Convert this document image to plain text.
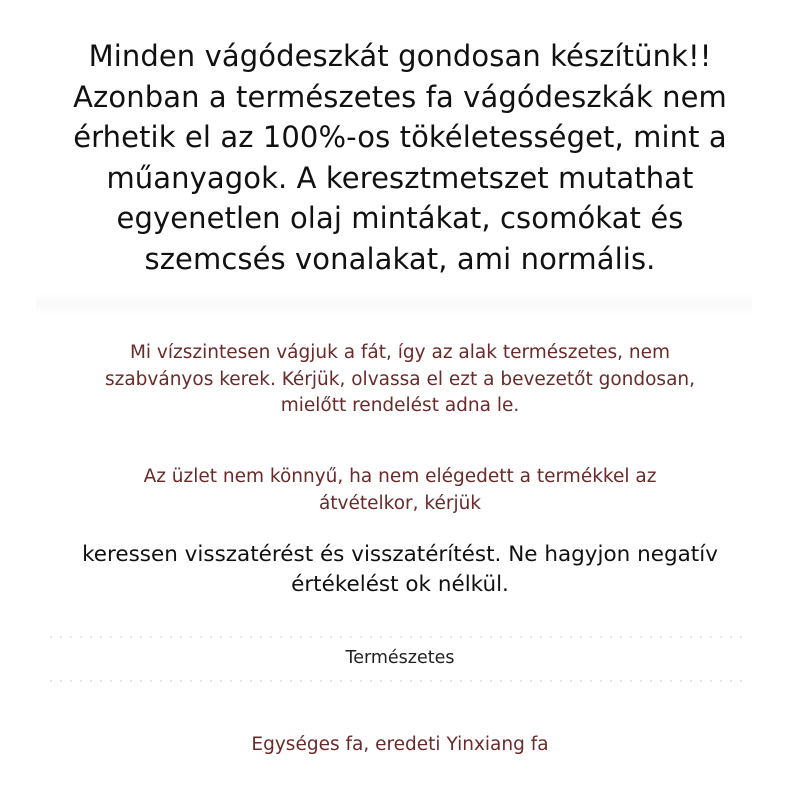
Minden vágódeszkát gondosan készítünk!!
Azonban a természetes fa vágódeszkák nem
érhetik el az 100%-os tökéletességet, mint a
műanyagok. A keresztmetszet mutathat
egyenetlen olaj mintákat, csomókat és
szemcsés vonalakat, ami normális.

Mi vízszintesen vágjuk a fát, így az alak természetes, nem
szabványos kerek. Kérjük, olvassa el ezt a bevezetőt gondosan,
mielőtt rendelést adna le.

Az üzlet nem könnyű, ha nem elégedett a termékkel az
átvételkor, kérjük

keressen visszatérést és visszatérítést. Ne hagyjon negatív
értékelést ok nélkül.

Természetes
Egységes fa, eredeti Yinxiang fa
